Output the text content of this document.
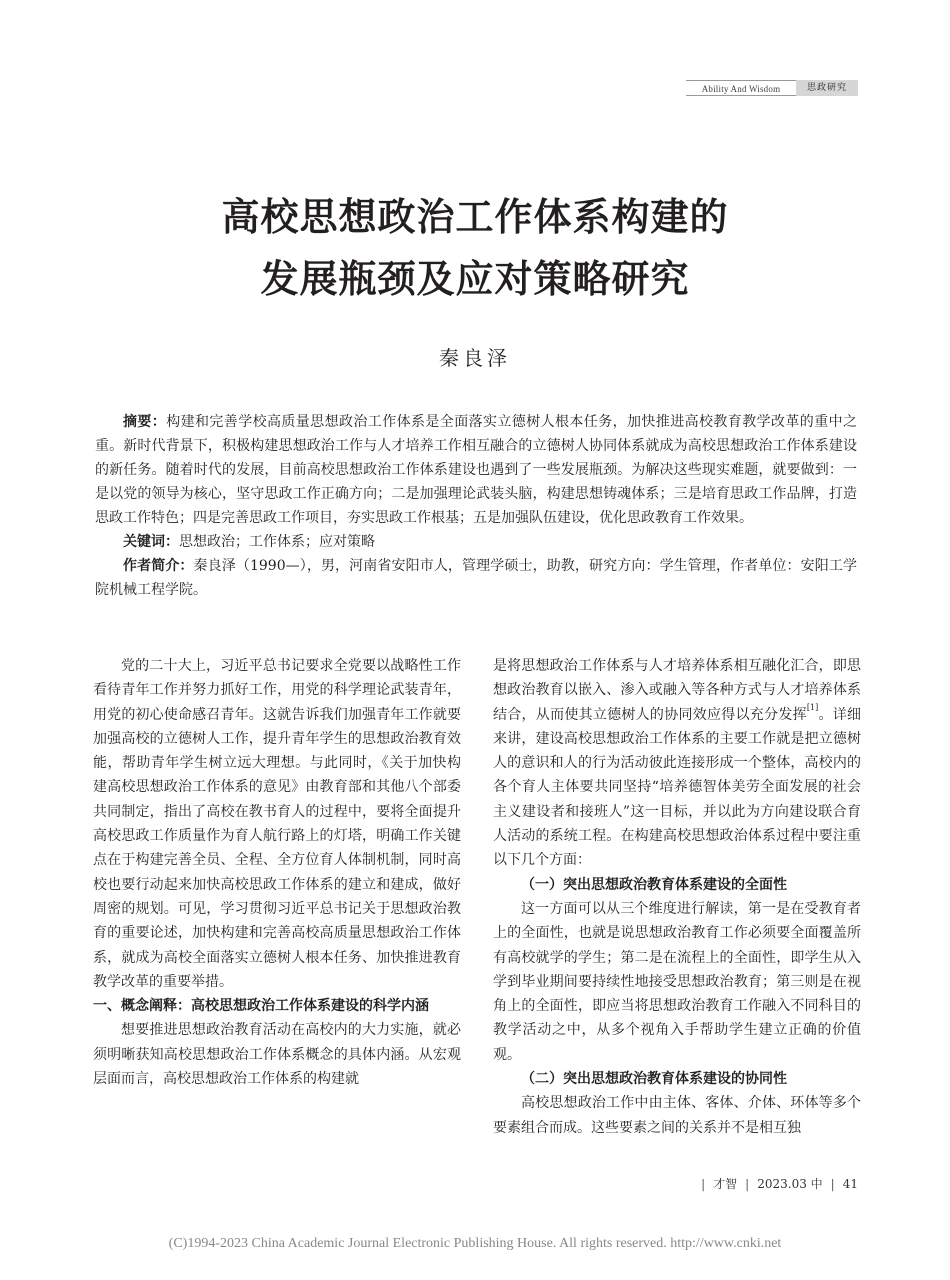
Ability And Wisdom	思政研究
高校思想政治工作体系构建的
发展瓶颈及应对策略研究
秦良泽

摘要：构建和完善学校高质量思想政治工作体系是全面落实立德树人根本任务，加快推进高校教育教学改革的重中之重。新时代背景下，积极构建思想政治工作与人才培养工作相互融合的立德树人协同体系就成为高校思想政治工作体系建设的新任务。随着时代的发展，目前高校思想政治工作体系建设也遇到了一些发展瓶颈。为解决这些现实难题，就要做到：一是以党的领导为核心，坚守思政工作正确方向；二是加强理论武装头脑，构建思想铸魂体系；三是培育思政工作品牌，打造思政工作特色；四是完善思政工作项目，夯实思政工作根基；五是加强队伍建设，优化思政教育工作效果。

关键词：思想政治；工作体系；应对策略

作者简介：秦良泽（1990—），男，河南省安阳市人，管理学硕士，助教，研究方向：学生管理，作者单位：安阳工学院机械工程学院。

党的二十大上，习近平总书记要求全党要以战略性工作看待青年工作并努力抓好工作，用党的科学理论武装青年，用党的初心使命感召青年。这就告诉我们加强青年工作就要加强高校的立德树人工作，提升青年学生的思想政治教育效能，帮助青年学生树立远大理想。与此同时，《关于加快构建高校思想政治工作体系的意见》由教育部和其他八个部委共同制定，指出了高校在教书育人的过程中，要将全面提升高校思政工作质量作为育人航行路上的灯塔，明确工作关键点在于构建完善全员、全程、全方位育人体制机制，同时高校也要行动起来加快高校思政工作体系的建立和建成，做好周密的规划。可见，学习贯彻习近平总书记关于思想政治教育的重要论述，加快构建和完善高校高质量思想政治工作体系，就成为高校全面落实立德树人根本任务、加快推进教育教学改革的重要举措。

一、概念阐释：高校思想政治工作体系建设的科学内涵

想要推进思想政治教育活动在高校内的大力实施，就必须明晰获知高校思想政治工作体系概念的具体内涵。从宏观层面而言，高校思想政治工作体系的构建就

是将思想政治工作体系与人才培养体系相互融化汇合，即思想政治教育以嵌入、渗入或融入等各种方式与人才培养体系结合，从而使其立德树人的协同效应得以充分发挥[1]。详细来讲，建设高校思想政治工作体系的主要工作就是把立德树人的意识和人的行为活动彼此连接形成一个整体，高校内的各个育人主体要共同坚持“培养德智体美劳全面发展的社会主义建设者和接班人”这一目标，并以此为方向建设联合育人活动的系统工程。在构建高校思想政治体系过程中要注重以下几个方面：

（一）突出思想政治教育体系建设的全面性

这一方面可以从三个维度进行解读，第一是在受教育者上的全面性，也就是说思想政治教育工作必须要全面覆盖所有高校就学的学生；第二是在流程上的全面性，即学生从入学到毕业期间要持续性地接受思想政治教育；第三则是在视角上的全面性，即应当将思想政治教育工作融入不同科目的教学活动之中，从多个视角入手帮助学生建立正确的价值观。

（二）突出思想政治教育体系建设的协同性

高校思想政治工作中由主体、客体、介体、环体等多个要素组合而成。这些要素之间的关系并不是相互独

| 才智 | 2023.03 中 | 41
(C)1994-2023 China Academic Journal Electronic Publishing House. All rights reserved. http://www.cnki.net
